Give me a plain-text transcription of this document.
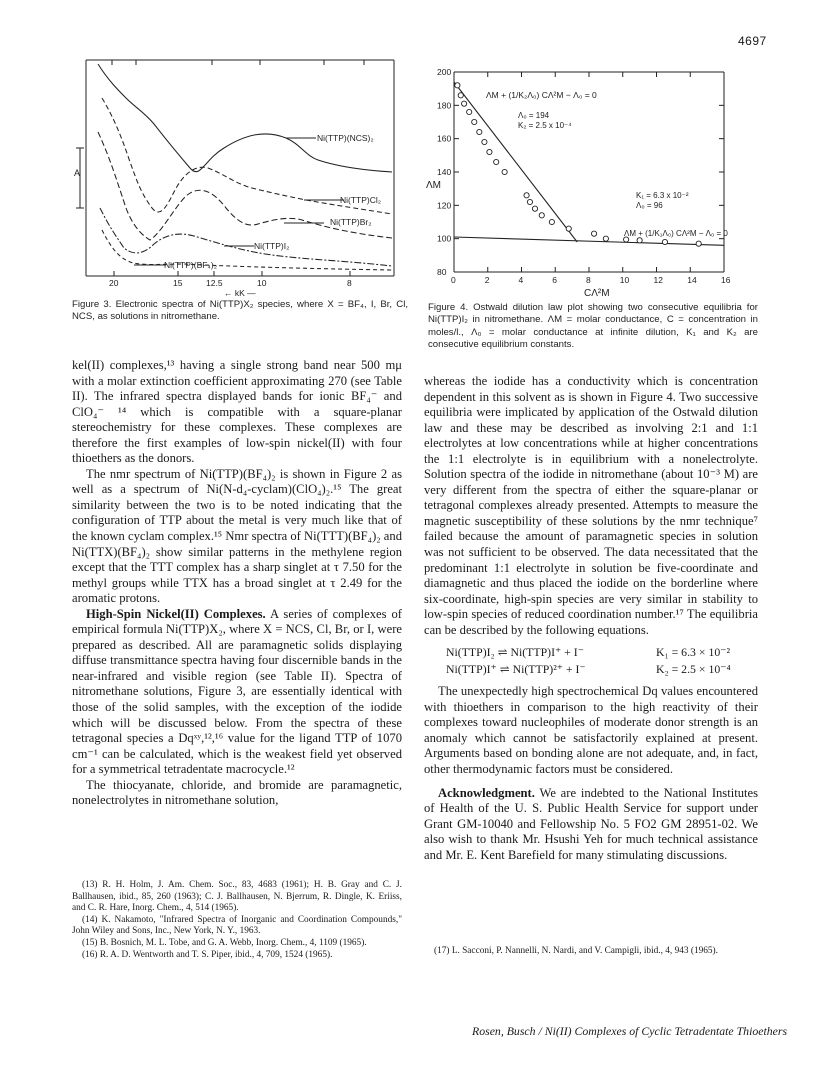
4697
A
Ni(TTP)(NCS)₂
Ni(TTP)Cl₂
Ni(TTP)Br₂
Ni(TTP)I₂
Ni(TTP)(BF₄)₂
20	15	12.5	10	8
← kK —
Figure 3. Electronic spectra of Ni(TTP)X₂ species, where X = BF₄, I, Br, Cl, NCS, as solutions in nitromethane.
0	2	4	6	8	10	12	14	16
80
100
120
140
160
180
200
ΛM
CΛ²M
ΛM + (1/K₂Λ₀) CΛ²M − Λ₀ = 0
Λ₀ = 194
K₂ = 2.5 x 10⁻⁴
K₁ = 6.3 x 10⁻²
Λ₀ = 96
ΛM + (1/K₁Λ₀) CΛ²M − Λ₀ = 0
Figure 4. Ostwald dilution law plot showing two consecutive equilibria for Ni(TTP)I₂ in nitromethane. ΛM = molar conductance, C = concentration in moles/l., Λ₀ = molar conductance at infinite dilution, K₁ and K₂ are consecutive equilibrium constants.

kel(II) complexes,¹³ having a single strong band near 500 mμ with a molar extinction coefficient approximating 270 (see Table II). The infrared spectra displayed bands for ionic BF₄⁻ and ClO₄⁻ ¹⁴ which is compatible with a square-planar stereochemistry for these complexes. These complexes are therefore the first examples of low-spin nickel(II) with four thioethers as the donors.

The nmr spectrum of Ni(TTP)(BF₄)₂ is shown in Figure 2 as well as a spectrum of Ni(N-d₄-cyclam)(ClO₄)₂.¹⁵ The great similarity between the two is to be noted indicating that the configuration of TTP about the metal is very much like that of the known cyclam complex.¹⁵ Nmr spectra of Ni(TTT)(BF₄)₂ and Ni(TTX)(BF₄)₂ show similar patterns in the methylene region except that the TTT complex has a sharp singlet at τ 7.50 for the methyl groups while TTX has a broad singlet at τ 2.49 for the aromatic protons.

High-Spin Nickel(II) Complexes. A series of complexes of empirical formula Ni(TTP)X₂, where X = NCS, Cl, Br, or I, were prepared as described. All are paramagnetic solids displaying diffuse transmittance spectra having four discernible bands in the near-infrared and visible region (see Table II). Spectra of nitromethane solutions, Figure 3, are essentially identical with those of the solid samples, with the exception of the iodide which will be discussed below. From the spectra of these tetragonal species a Dqˣʸ,¹²,¹⁶ value for the ligand TTP of 1070 cm⁻¹ can be calculated, which is the weakest field yet observed for a symmetrical tetradentate macrocycle.¹²

The thiocyanate, chloride, and bromide are paramagnetic, nonelectrolytes in nitromethane solution,

(13) R. H. Holm, J. Am. Chem. Soc., 83, 4683 (1961); H. B. Gray and C. J. Ballhausen, ibid., 85, 260 (1963); C. J. Ballhausen, N. Bjerrum, R. Dingle, K. Eriiss, and C. R. Hare, Inorg. Chem., 4, 514 (1965).

(14) K. Nakamoto, "Infrared Spectra of Inorganic and Coordination Compounds," John Wiley and Sons, Inc., New York, N. Y., 1963.

(15) B. Bosnich, M. L. Tobe, and G. A. Webb, Inorg. Chem., 4, 1109 (1965).

(16) R. A. D. Wentworth and T. S. Piper, ibid., 4, 709, 1524 (1965).

whereas the iodide has a conductivity which is concentration dependent in this solvent as is shown in Figure 4. Two successive equilibria were implicated by application of the Ostwald dilution law and these may be described as involving 2:1 and 1:1 electrolytes at low concentrations while at higher concentrations the 1:1 electrolyte is in equilibrium with a nonelectrolyte. Solution spectra of the iodide in nitromethane (about 10⁻³ M) are very different from the spectra of either the square-planar or tetragonal complexes already presented. Attempts to measure the magnetic susceptibility of these solutions by the nmr technique⁷ failed because the amount of paramagnetic species in solution was not sufficient to be observed. The data necessitated that the predominant 1:1 electrolyte in solution be five-coordinate and diamagnetic and thus placed the iodide on the borderline where six-coordinate, high-spin species are very similar in stability to low-spin species of reduced coordination number.¹⁷ The equilibria can be described by the following equations.

Ni(TTP)I₂ ⇌ Ni(TTP)I⁺ + I⁻	K₁ = 6.3 × 10⁻²
Ni(TTP)I⁺ ⇌ Ni(TTP)²⁺ + I⁻	K₂ = 2.5 × 10⁻⁴

The unexpectedly high spectrochemical Dq values encountered with thioethers in comparison to the high reactivity of their complexes toward nucleophiles of moderate donor strength is an anomaly which cannot be satisfactorily explained at present. Arguments based on bonding alone are not adequate, and, in fact, other thermodynamic factors must be considered.

Acknowledgment. We are indebted to the National Institutes of Health of the U. S. Public Health Service for support under Grant GM-10040 and Fellowship No. 5 FO2 GM 28951-02. We also wish to thank Mr. Hsushi Yeh for much technical assistance and Mr. E. Kent Barefield for many stimulating discussions.

(17) L. Sacconi, P. Nannelli, N. Nardi, and V. Campigli, ibid., 4, 943 (1965).

Rosen, Busch / Ni(II) Complexes of Cyclic Tetradentate Thioethers
